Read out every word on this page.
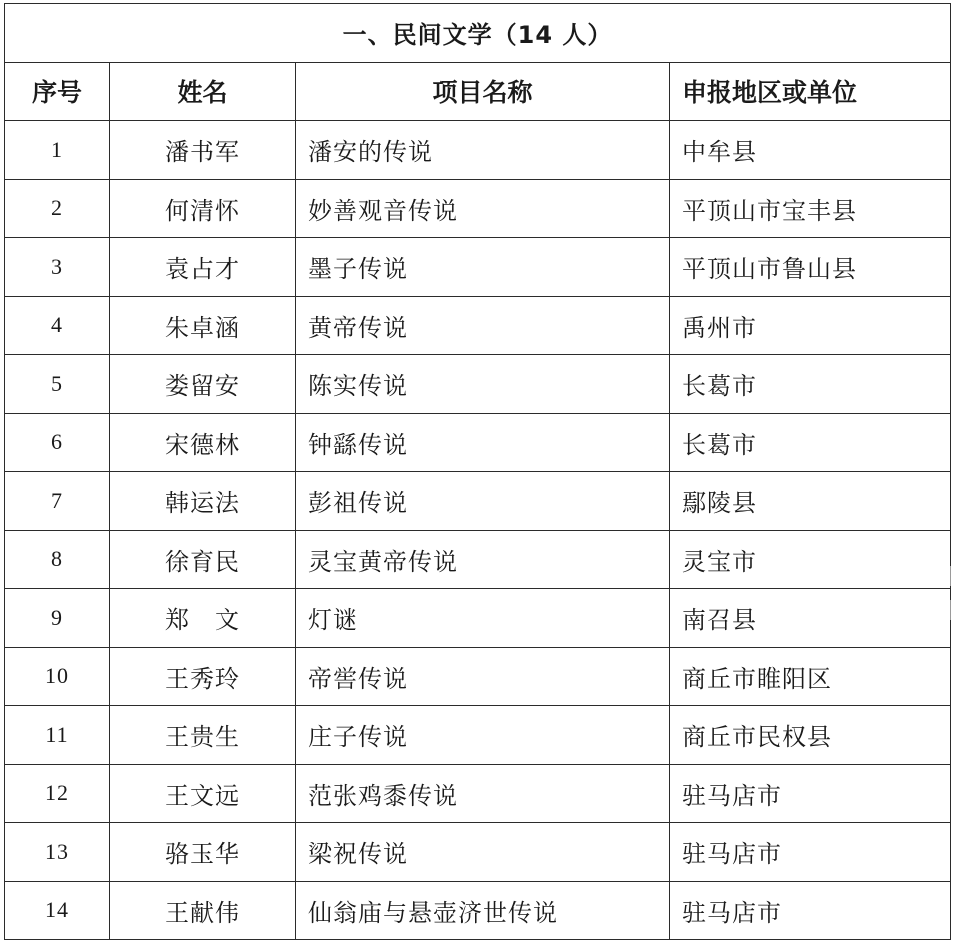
一、民间文学（14 人）			
序号	姓名	项目名称	申报地区或单位
1	潘书军	潘安的传说	中牟县
2	何清怀	妙善观音传说	平顶山市宝丰县
3	袁占才	墨子传说	平顶山市鲁山县
4	朱卓涵	黄帝传说	禹州市
5	娄留安	陈实传说	长葛市
6	宋德林	钟繇传说	长葛市
7	韩运法	彭祖传说	鄢陵县
8	徐育民	灵宝黄帝传说	灵宝市
9	郑　文	灯谜	南召县
10	王秀玲	帝喾传说	商丘市睢阳区
11	王贵生	庄子传说	商丘市民权县
12	王文远	范张鸡黍传说	驻马店市
13	骆玉华	梁祝传说	驻马店市
14	王献伟	仙翁庙与悬壶济世传说	驻马店市
